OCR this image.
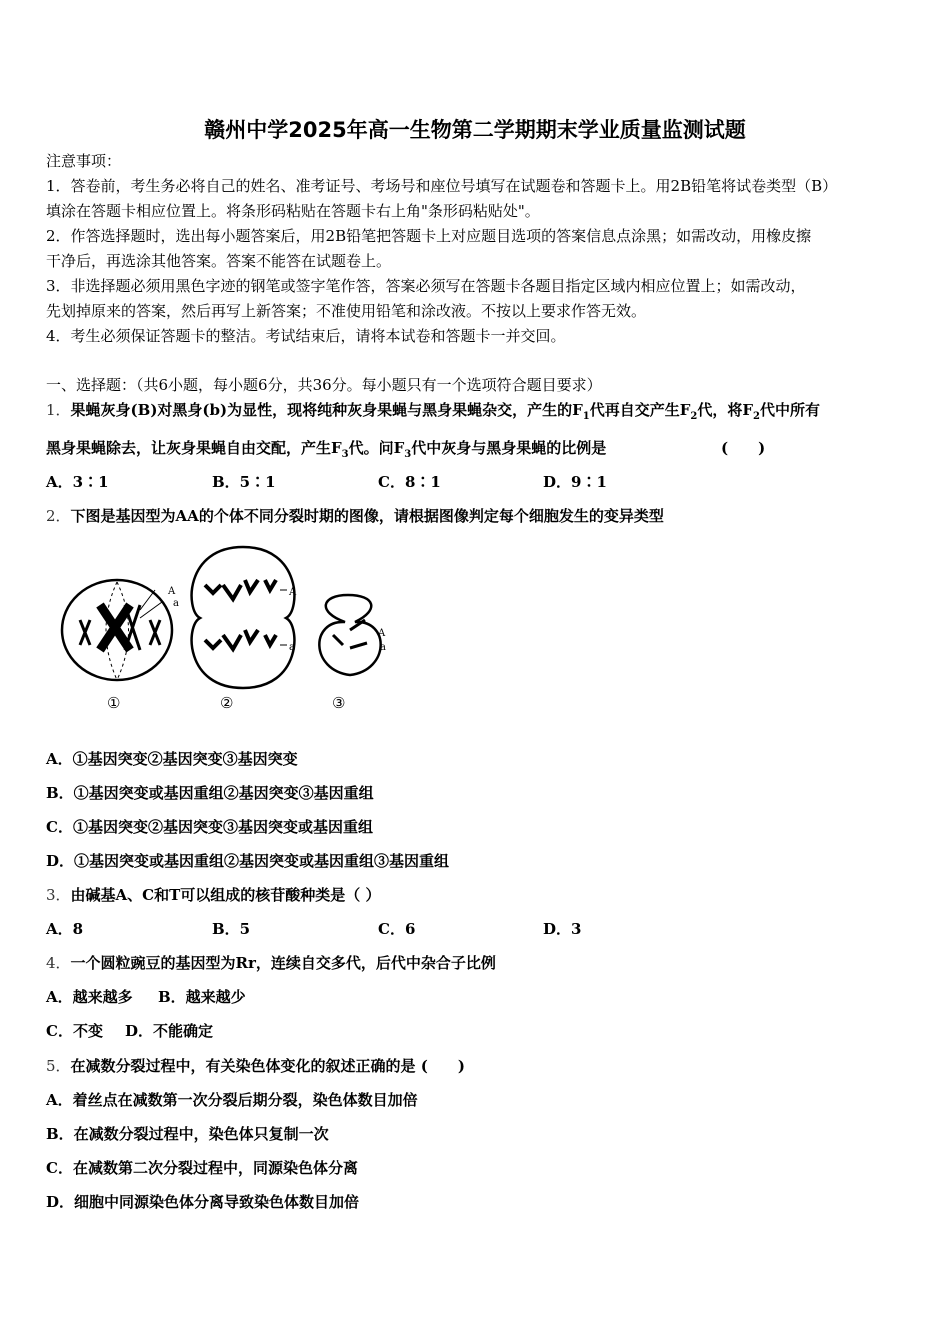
赣州中学2025年高一生物第二学期期末学业质量监测试题
注意事项：
1．答卷前，考生务必将自己的姓名、准考证号、考场号和座位号填写在试题卷和答题卡上。用2B铅笔将试卷类型（B）
填涂在答题卡相应位置上。将条形码粘贴在答题卡右上角"条形码粘贴处"。
2．作答选择题时，选出每小题答案后，用2B铅笔把答题卡上对应题目选项的答案信息点涂黑；如需改动，用橡皮擦
干净后，再选涂其他答案。答案不能答在试题卷上。
3．非选择题必须用黑色字迹的钢笔或签字笔作答，答案必须写在答题卡各题目指定区域内相应位置上；如需改动，
先划掉原来的答案，然后再写上新答案；不准使用铅笔和涂改液。不按以上要求作答无效。
4．考生必须保证答题卡的整洁。考试结束后，请将本试卷和答题卡一并交回。
一、选择题：（共6小题，每小题6分，共36分。每小题只有一个选项符合题目要求）
1．果蝇灰身(B)对黑身(b)为显性，现将纯种灰身果蝇与黑身果蝇杂交，产生的$F_1$代再自交产生$F_2$代，将$F_2$代中所有
黑身果蝇除去，让灰身果蝇自由交配，产生$F_3$代。问$F_3$代中灰身与黑身果蝇的比例是	(　　)
A．3∶1	B．5∶1	C．8∶1	D．9∶1
2．下图是基因型为AA的个体不同分裂时期的图像，请根据图像判定每个细胞发生的变异类型
A
a
①
A
a
②
A
a
③
A．①基因突变②基因突变③基因突变
B．①基因突变或基因重组②基因突变③基因重组
C．①基因突变②基因突变③基因突变或基因重组
D．①基因突变或基因重组②基因突变或基因重组③基因重组
3．由碱基A、C和T可以组成的核苷酸种类是（ ）
A．8	B．5	C．6	D．3
4．一个圆粒豌豆的基因型为Rr，连续自交多代，后代中杂合子比例
A．越来越多 B．越来越少
C．不变 D．不能确定
5．在减数分裂过程中，有关染色体变化的叙述正确的是 (　　)
A．着丝点在减数第一次分裂后期分裂，染色体数目加倍
B．在减数分裂过程中，染色体只复制一次
C．在减数第二次分裂过程中，同源染色体分离
D．细胞中同源染色体分离导致染色体数目加倍
